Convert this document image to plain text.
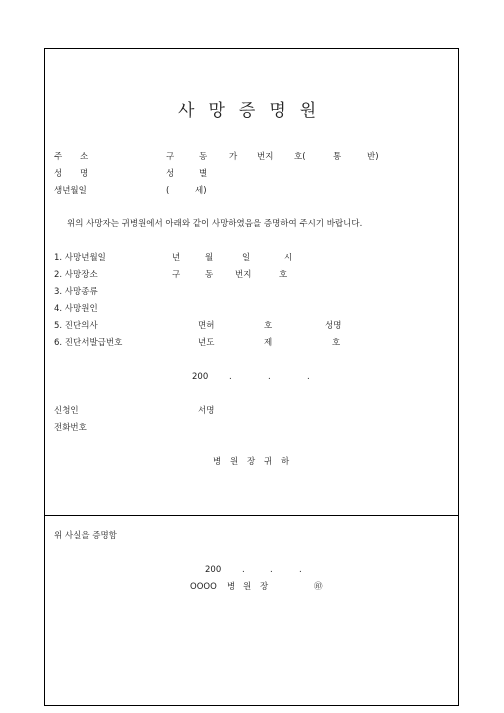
사 망 증 명 원
주 소	구	동	가 번지 호(	통	반)
성 명	성	별
생년월일	(	세)
위의 사망자는 귀병원에서 아래와 같이 사망하였음을 증명하여 주시기 바랍니다.
1. 사망년월일	년	월	일	시
2. 사망장소	구	동	번지	호
3. 사망종류
4. 사망원인
5. 진단의사	면허	호	성명
6. 진단서발급번호	년도	제	호
200 .	.	.
신청인	서명
전화번호
병 원 장 귀 하
위 사실을 증명함
200 .	.	.
OOOO 병 원 장	㊞
